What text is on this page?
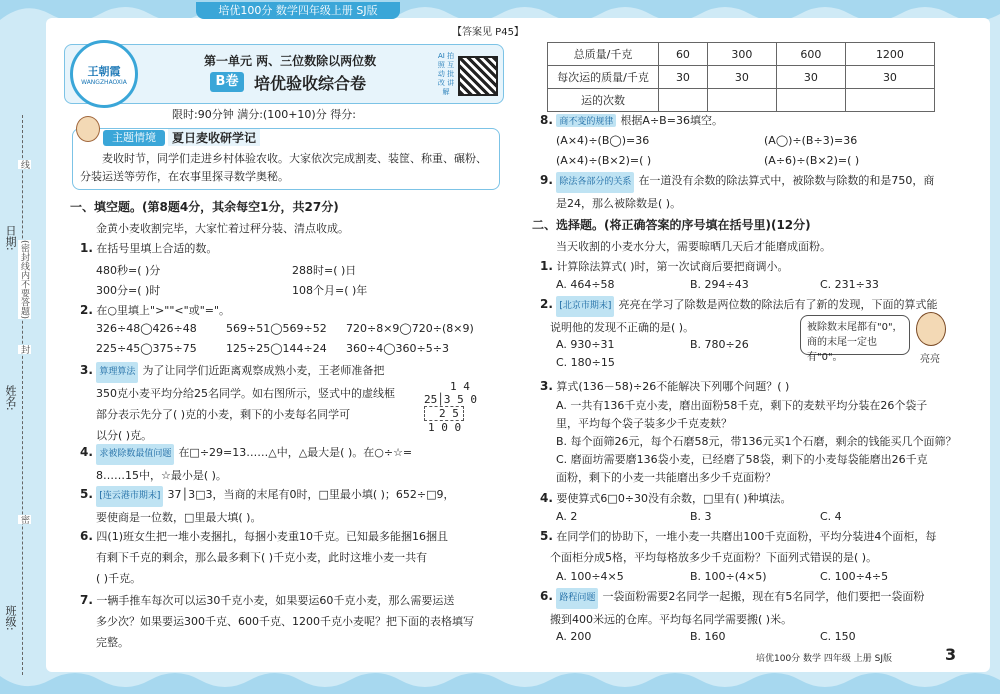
培优100分 数学四年级上册 SJ版
【答案见 P45】
日期:
姓名:
班级:
线
(密封线内不要答题)
封
密
王朝霞
WANGZHAOXIA
第一单元 两、三位数除以两位数
B卷 培优验收综合卷
AI 拍照 互动 批改 讲解
限时:90分钟 满分:(100+10)分 得分:
主题情境	夏日麦收研学记
麦收时节，同学们走进乡村体验农收。大家依次完成割麦、装筐、称重、碾粉、分装运送等劳作，在农事里探寻数学奥秘。
一、填空题。(第8题4分，其余每空1分，共27分)
金黄小麦收割完毕，大家忙着过秤分装、清点收成。
1. 在括号里填上合适的数。
480秒=( )分	288时=( )日
300分=( )时	108个月=( )年
2. 在○里填上">""<"或"="。
326÷48◯426÷48	569÷51◯569÷52 720÷8×9◯720÷(8×9)
225÷45◯375÷75	125÷25◯144÷24 360÷4◯360÷5÷3
3. 算理算法 为了让同学们近距离观察成熟小麦，王老师准备把
350克小麦平均分给25名同学。如右图所示，竖式中的虚线框
部分表示先分了( )克的小麦，剩下的小麦每名同学可
以分( )克。
1 4
25│3 5 0
2 5
1 0 0
4. 求被除数最值问题 在□÷29=13……△中，△最大是( )。在○÷☆=
8……15中，☆最小是( )。
5. [连云港市期末] 37│3□3，当商的末尾有0时，□里最小填( )；652÷□9，
要使商是一位数，□里最大填( )。
6. 四(1)班女生把一堆小麦捆扎，每捆小麦重10千克。已知最多能捆16捆且
有剩下千克的剩余，那么最多剩下( )千克小麦，此时这堆小麦一共有
( )千克。
7. 一辆手推车每次可以运30千克小麦，如果要运60千克小麦，那么需要运送
多少次？如果要运300千克、600千克、1200千克小麦呢？把下面的表格填写
完整。
总质量/千克	60	300	600	1200
每次运的质量/千克	30	30	30	30
运的次数				
8. 商不变的规律 根据A÷B=36填空。
(A×4)÷(B◯)=36	(A◯)÷(B÷3)=36
(A×4)÷(B×2)=( )	(A÷6)÷(B×2)=( )
9. 除法各部分的关系 在一道没有余数的除法算式中，被除数与除数的和是750，商
是24，那么被除数是( )。
二、选择题。(将正确答案的序号填在括号里)(12分)
当天收割的小麦水分大，需要晾晒几天后才能磨成面粉。
1. 计算除法算式( )时，第一次试商后要把商调小。
A. 464÷58	B. 294÷43	C. 231÷33
2. [北京市期末] 亮亮在学习了除数是两位数的除法后有了新的发现，下面的算式能
说明他的发现不正确的是( )。
A. 930÷31	B. 780÷26
C. 180÷15
被除数末尾都有"0"，商的末尾一定也有"0"。	亮亮
3. 算式(136－58)÷26不能解决下列哪个问题？( )
A. 一共有136千克小麦，磨出面粉58千克，剩下的麦麸平均分装在26个袋子
里，平均每个袋子装多少千克麦麸？
B. 每个面筛26元，每个石磨58元，带136元买1个石磨，剩余的钱能买几个面筛？
C. 磨面坊需要磨136袋小麦，已经磨了58袋，剩下的小麦每袋能磨出26千克
面粉，剩下的小麦一共能磨出多少千克面粉？
4. 要使算式6□0÷30没有余数，□里有( )种填法。
A. 2	B. 3	C. 4
5. 在同学们的协助下，一堆小麦一共磨出100千克面粉，平均分装进4个面柜，每
个面柜分成5格，平均每格放多少千克面粉？下面列式错误的是( )。
A. 100÷4×5	B. 100÷(4×5)	C. 100÷4÷5
6. 路程问题 一袋面粉需要2名同学一起搬，现在有5名同学，他们要把一袋面粉
搬到400米远的仓库。平均每名同学需要搬( )米。
A. 200	B. 160	C. 150
培优100分 数学 四年级 上册 SJ版	3
